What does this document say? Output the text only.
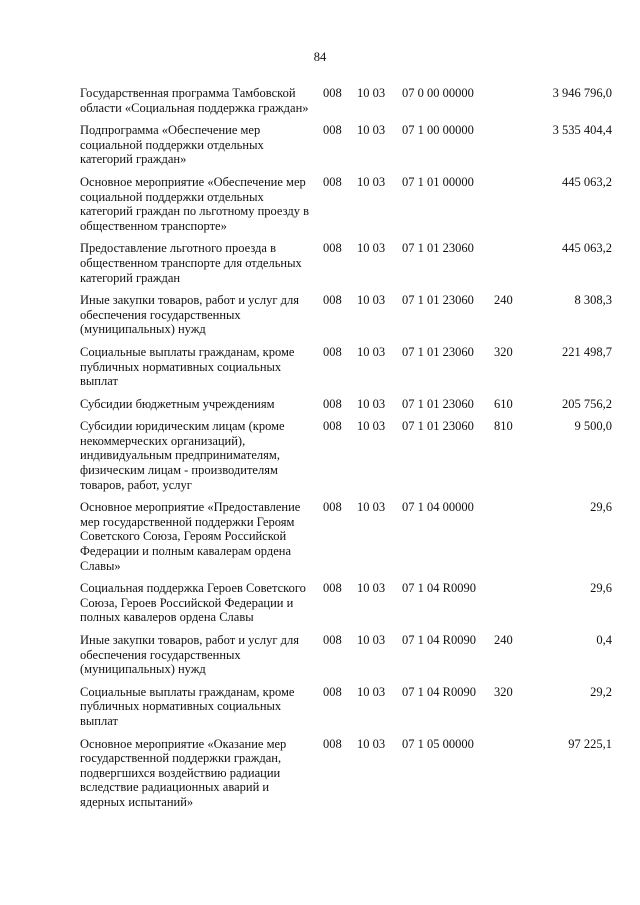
84
Государственная программа Тамбовской области «Социальная поддержка граждан»	008	10 03	07 0 00 00000		3 946 796,0
Подпрограмма «Обеспечение мер социальной поддержки отдельных категорий граждан»	008	10 03	07 1 00 00000		3 535 404,4
Основное мероприятие «Обеспечение мер социальной поддержки отдельных категорий граждан по льготному проезду в общественном транспорте»	008	10 03	07 1 01 00000		445 063,2
Предоставление льготного проезда в общественном транспорте для отдельных категорий граждан	008	10 03	07 1 01 23060		445 063,2
Иные закупки товаров, работ и услуг для обеспечения государственных (муниципальных) нужд	008	10 03	07 1 01 23060	240	8 308,3
Социальные выплаты гражданам, кроме публичных нормативных социальных выплат	008	10 03	07 1 01 23060	320	221 498,7
Субсидии бюджетным учреждениям	008	10 03	07 1 01 23060	610	205 756,2
Субсидии юридическим лицам (кроме некоммерческих организаций), индивидуальным предпринимателям, физическим лицам - производителям товаров, работ, услуг	008	10 03	07 1 01 23060	810	9 500,0
Основное мероприятие «Предоставление мер государственной поддержки Героям Советского Союза, Героям Российской Федерации и полным кавалерам ордена Славы»	008	10 03	07 1 04 00000		29,6
Социальная поддержка Героев Советского Союза, Героев Российской Федерации и полных кавалеров ордена Славы	008	10 03	07 1 04 R0090		29,6
Иные закупки товаров, работ и услуг для обеспечения государственных (муниципальных) нужд	008	10 03	07 1 04 R0090	240	0,4
Социальные выплаты гражданам, кроме публичных нормативных социальных выплат	008	10 03	07 1 04 R0090	320	29,2
Основное мероприятие «Оказание мер государственной поддержки граждан, подвергшихся воздействию радиации вследствие радиационных аварий и ядерных испытаний»	008	10 03	07 1 05 00000		97 225,1
